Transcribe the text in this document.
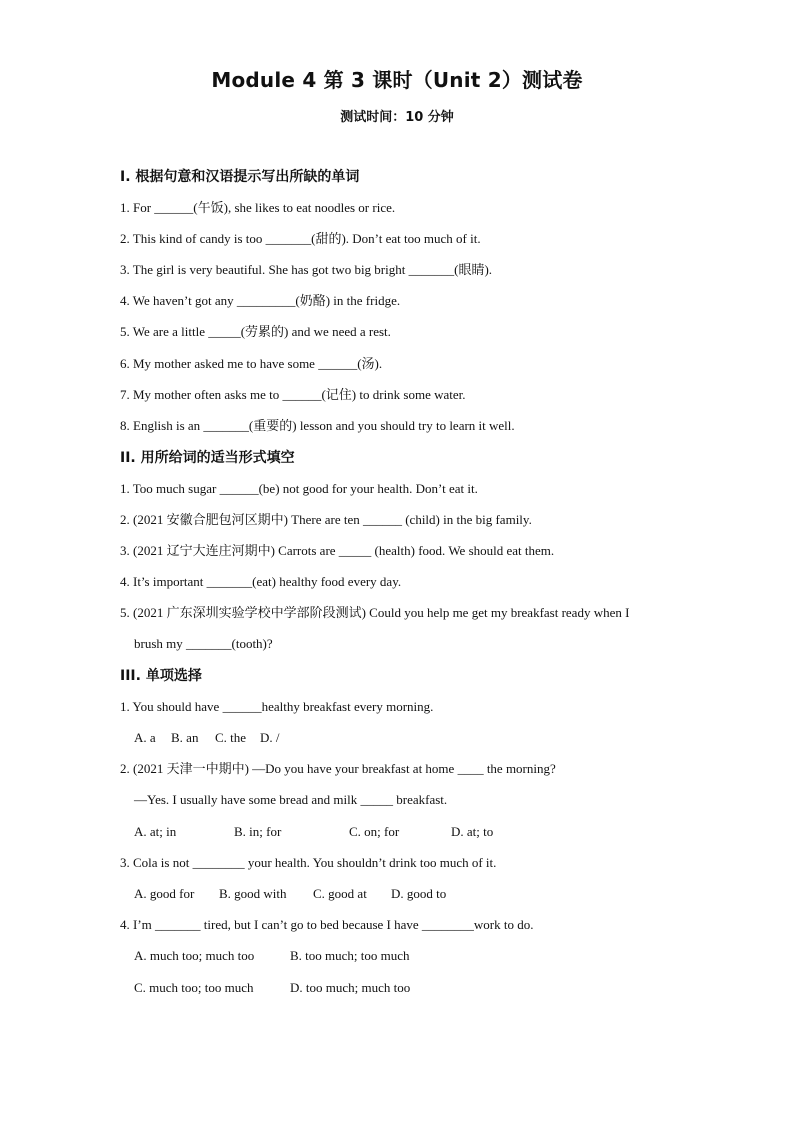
Module 4 第 3 课时（Unit 2）测试卷
测试时间：10 分钟
I. 根据句意和汉语提示写出所缺的单词
1. For ______(午饭), she likes to eat noodles or rice.
2. This kind of candy is too _______(甜的). Don’t eat too much of it.
3. The girl is very beautiful. She has got two big bright _______(眼睛).
4. We haven’t got any _________(奶酪) in the fridge.
5. We are a little _____(劳累的) and we need a rest.
6. My mother asked me to have some ______(汤).
7. My mother often asks me to ______(记住) to drink some water.
8. English is an _______(重要的) lesson and you should try to learn it well.
II. 用所给词的适当形式填空
1. Too much sugar ______(be) not good for your health. Don’t eat it.
2. (2021 安徽合肥包河区期中) There are ten ______ (child) in the big family.
3. (2021 辽宁大连庄河期中) Carrots are _____ (health) food. We should eat them.
4. It’s important _______(eat) healthy food every day.
5. (2021 广东深圳实验学校中学部阶段测试) Could you help me get my breakfast ready when I
brush my _______(tooth)?
III. 单项选择
1. You should have ______healthy breakfast every morning.
A. a B. an C. the D. /
2. (2021 天津一中期中) —Do you have your breakfast at home ____ the morning?
—Yes. I usually have some bread and milk _____ breakfast.
A. at; in	B. in; for	C. on; for	D. at; to
3. Cola is not ________ your health. You shouldn’t drink too much of it.
A. good for B. good with C. good at D. good to
4. I’m _______ tired, but I can’t go to bed because I have ________work to do.
A. much too; much too	B. too much; too much
C. much too; too much	D. too much; much too
